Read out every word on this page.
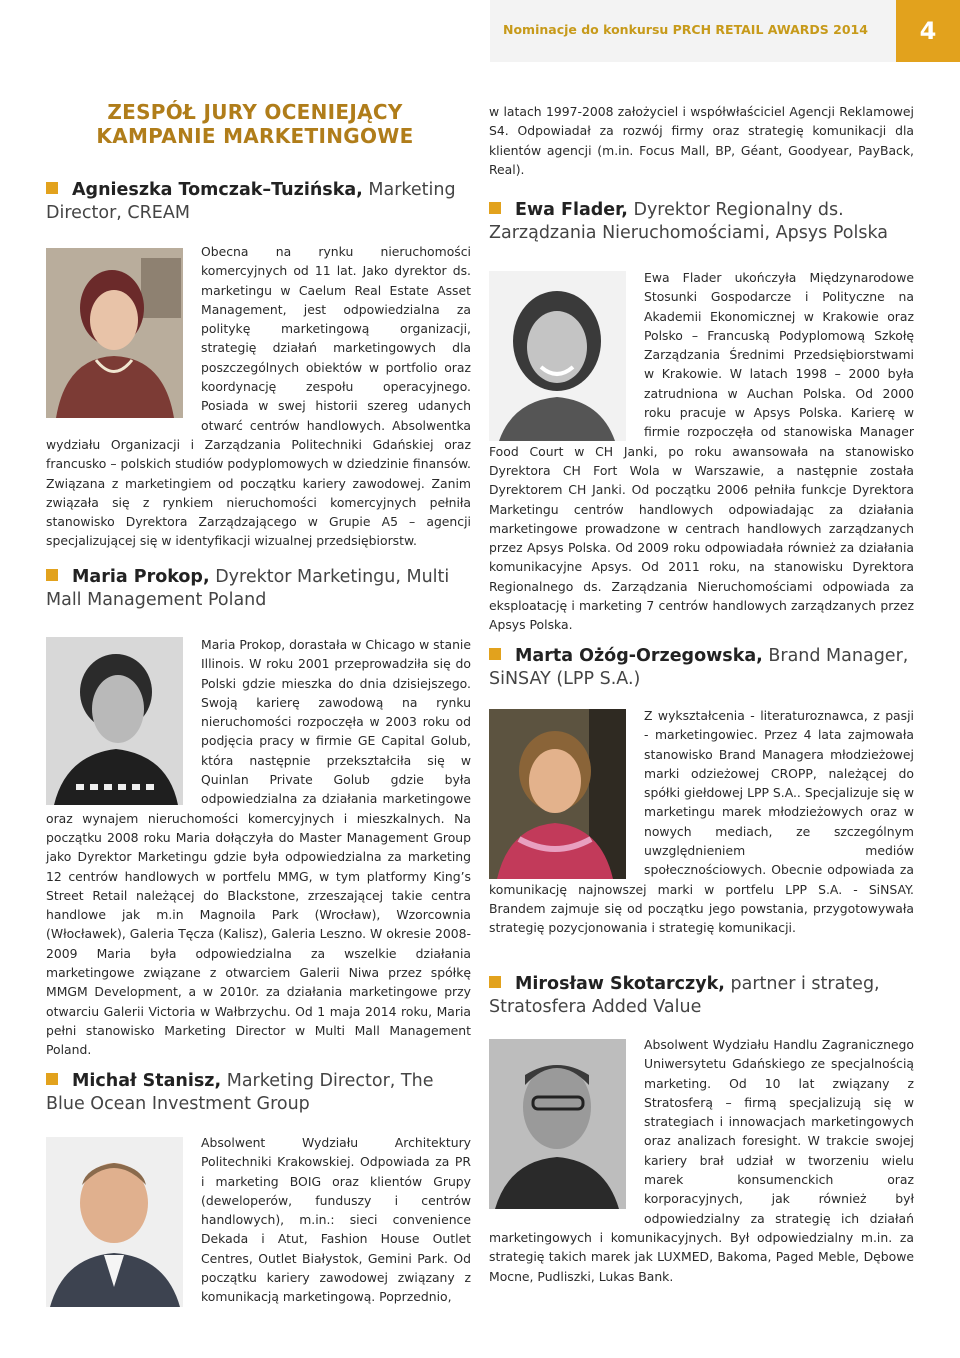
Nominacje do konkursu PRCH RETAIL AWARDS 2014	4
ZESPÓŁ JURY OCENIEJĄCY
KAMPANIE MARKETINGOWE

Agnieszka Tomczak–Tuzińska, Marketing Director, CREAM

Obecna na rynku nieruchomości komercyjnych od 11 lat. Jako dyrektor ds. marketingu w Caelum Real Estate Asset Management, jest odpowiedzialna za politykę marketingową organizacji, strategię działań marketingowych dla poszczególnych obiektów w portfolio oraz koordynację zespołu operacyjnego. Posiada w swej historii szereg udanych otwarć centrów handlowych. Absolwentka wydziału Organizacji i Zarządzania Politechniki Gdańskiej oraz francusko – polskich studiów podyplomowych w dziedzinie finansów. Związana z marketingiem od początku kariery zawodowej. Zanim związała się z rynkiem nieruchomości komercyjnych pełniła stanowisko Dyrektora Zarządzającego w Grupie A5 – agencji specjalizującej się w identyfikacji wizualnej przedsiębiorstw.

Maria Prokop, Dyrektor Marketingu, Multi Mall Management Poland

Maria Prokop, dorastała w Chicago w stanie Illinois. W roku 2001 przeprowadziła się do Polski gdzie mieszka do dnia dzisiejszego. Swoją karierę zawodową na rynku nieruchomości rozpoczęła w 2003 roku od podjęcia pracy w firmie GE Capital Golub, która następnie przekształciła się w Quinlan Private Golub gdzie była odpowiedzialna za działania marketingowe oraz wynajem nieruchomości komercyjnych i mieszkalnych. Na początku 2008 roku Maria dołączyła do Master Management Group jako Dyrektor Marketingu gdzie była odpowiedzialna za marketing 12 centrów handlowych w portfelu MMG, w tym platformy King’s Street Retail należącej do Blackstone, zrzeszającej takie centra handlowe jak m.in Magnoila Park (Wrocław), Wzorcownia (Włocławek), Galeria Tęcza (Kalisz), Galeria Leszno. W okresie 2008-2009 Maria była odpowiedzialna za wszelkie działania marketingowe związane z otwarciem Galerii Niwa przez spółkę MMGM Development, a w 2010r. za działania marketingowe przy otwarciu Galerii Victoria w Wałbrzychu. Od 1 maja 2014 roku, Maria pełni stanowisko Marketing Director w Multi Mall Management Poland.

Michał Stanisz, Marketing Director, The Blue Ocean Investment Group

Absolwent Wydziału Architektury Politechniki Krakowskiej. Odpowiada za PR i marketing BOIG oraz klientów Grupy (deweloperów, funduszy i centrów handlowych), m.in.: sieci convenience Dekada i Atut, Fashion House Outlet Centres, Outlet Białystok, Gemini Park. Od początku kariery zawodowej związany z komunikacją marketingową. Poprzednio,

w latach 1997-2008 założyciel i współwłaściciel Agencji Reklamowej S4. Odpowiadał za rozwój firmy oraz strategię komunikacji dla klientów agencji (m.in. Focus Mall, BP, Géant, Goodyear, PayBack, Real).

Ewa Flader, Dyrektor Regionalny ds. Zarządzania Nieruchomościami, Apsys Polska

Ewa Flader ukończyła Międzynarodowe Stosunki Gospodarcze i Polityczne na Akademii Ekonomicznej w Krakowie oraz Polsko – Francuską Podyplomową Szkołę Zarządzania Średnimi Przedsiębiorstwami w Krakowie. W latach 1998 – 2000 była zatrudniona w Auchan Polska. Od 2000 roku pracuje w Apsys Polska. Karierę w firmie rozpoczęła od stanowiska Manager Food Court w CH Janki, po roku awansowała na stanowisko Dyrektora CH Fort Wola w Warszawie, a następnie została Dyrektorem CH Janki. Od początku 2006 pełniła funkcje Dyrektora Marketingu centrów handlowych odpowiadając za działania marketingowe prowadzone w centrach handlowych zarządzanych przez Apsys Polska. Od 2009 roku odpowiadała również za działania komunikacyjne Apsys. Od 2011 roku, na stanowisku Dyrektora Regionalnego ds. Zarządzania Nieruchomościami odpowiada za eksploatację i marketing 7 centrów handlowych zarządzanych przez Apsys Polska.

Marta Ożóg-Orzegowska, Brand Manager, SiNSAY (LPP S.A.)

Z wykształcenia - literaturoznawca, z pasji - marketingowiec. Przez 4 lata zajmowała stanowisko Brand Managera młodzieżowej marki odzieżowej CROPP, należącej do spółki giełdowej LPP S.A.. Specjalizuje się w marketingu marek młodzieżowych oraz w nowych mediach, ze szczególnym uwzględnieniem mediów społecznościowych. Obecnie odpowiada za komunikację najnowszej marki w portfelu LPP S.A. - SiNSAY. Brandem zajmuje się od początku jego powstania, przygotowywała strategię pozycjonowania i strategię komunikacji.

Mirosław Skotarczyk, partner i strateg, Stratosfera Added Value

Absolwent Wydziału Handlu Zagranicznego Uniwersytetu Gdańskiego ze specjalnością marketing. Od 10 lat związany z Stratosferą – firmą specjalizują się w strategiach i innowacjach marketingowych oraz analizach foresight. W trakcie swojej kariery brał udział w tworzeniu wielu marek konsumenckich oraz korporacyjnych, jak również był odpowiedzialny za strategię ich działań marketingowych i komunikacyjnych. Był odpowiedzialny m.in. za strategię takich marek jak LUXMED, Bakoma, Paged Meble, Dębowe Mocne, Pudliszki, Lukas Bank.
